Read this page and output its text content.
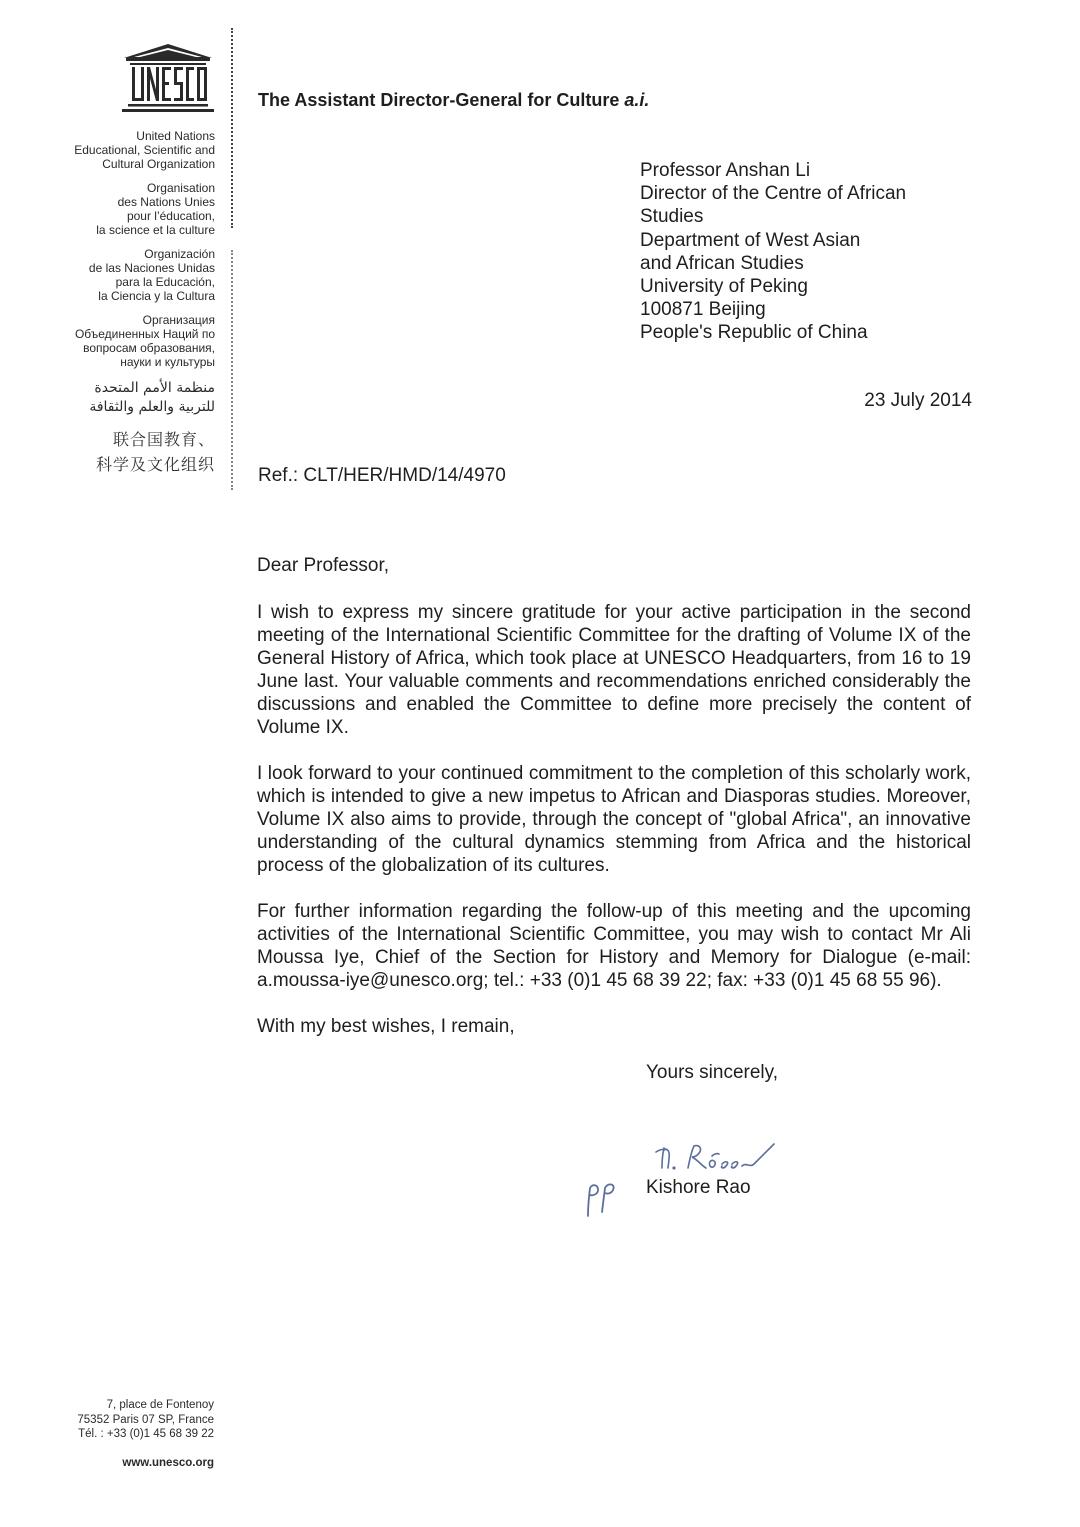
UNESCO
United Nations
Educational, Scientific and
Cultural Organization
Organisation
des Nations Unies
pour l’éducation,
la science et la culture
Organización
de las Naciones Unidas
para la Educación,
la Ciencia y la Cultura
Организация
Объединенных Наций по
вопросам образования,
науки и культуры
منظمة الأمم المتحدة
للتربية والعلم والثقافة
联合国教育、
科学及文化组织
The Assistant Director-General for Culture a.i.
Professor Anshan Li
Director of the Centre of African
Studies
Department of West Asian
and African Studies
University of Peking
100871 Beijing
People's Republic of China
23 July 2014
Ref.: CLT/HER/HMD/14/4970
Dear Professor,

I wish to express my sincere gratitude for your active participation in the second meeting of the International Scientific Committee for the drafting of Volume IX of the General History of Africa, which took place at UNESCO Headquarters, from 16 to 19 June last. Your valuable comments and recommendations enriched considerably the discussions and enabled the Committee to define more precisely the content of Volume IX.

I look forward to your continued commitment to the completion of this scholarly work, which is intended to give a new impetus to African and Diasporas studies. Moreover, Volume IX also aims to provide, through the concept of "global Africa", an innovative understanding of the cultural dynamics stemming from Africa and the historical process of the globalization of its cultures.

For further information regarding the follow-up of this meeting and the upcoming activities of the International Scientific Committee, you may wish to contact Mr Ali Moussa Iye, Chief of the Section for History and Memory for Dialogue (e-mail: a.moussa-iye@unesco.org; tel.: +33 (0)1 45 68 39 22; fax: +33 (0)1 45 68 55 96).

With my best wishes, I remain,

Yours sincerely,
Kishore Rao
7, place de Fontenoy
75352 Paris 07 SP, France
Tél. : +33 (0)1 45 68 39 22
www.unesco.org
